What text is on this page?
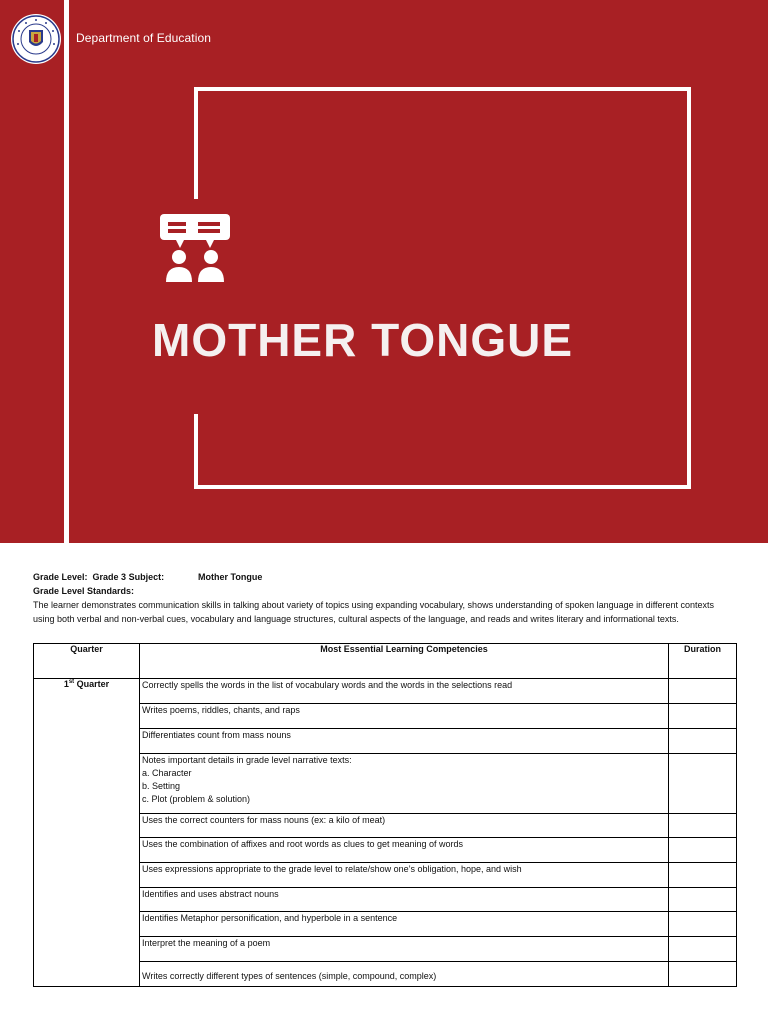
Department of Education
MOTHER TONGUE
Grade Level: Grade 3 Subject:	Mother Tongue
Grade Level Standards:
The learner demonstrates communication skills in talking about variety of topics using expanding vocabulary, shows understanding of spoken language in different contexts using both verbal and non-verbal cues, vocabulary and language structures, cultural aspects of the language, and reads and writes literary and informational texts.
Quarter	Most Essential Learning Competencies	Duration
1st Quarter	Correctly spells the words in the list of vocabulary words and the words in the selections read	
	Writes poems, riddles, chants, and raps	
	Differentiates count from mass nouns	

	Notes important details in grade level narrative texts:
a. Character
b. Setting
c. Plot (problem & solution)	

	Uses the correct counters for mass nouns (ex: a kilo of meat)	
	Uses the combination of affixes and root words as clues to get meaning of words	
	Uses expressions appropriate to the grade level to relate/show one’s obligation, hope, and wish	
	Identifies and uses abstract nouns	
	Identifies Metaphor personification, and hyperbole in a sentence	
	Interpret the meaning of a poem	
	Writes correctly different types of sentences (simple, compound, complex)	
